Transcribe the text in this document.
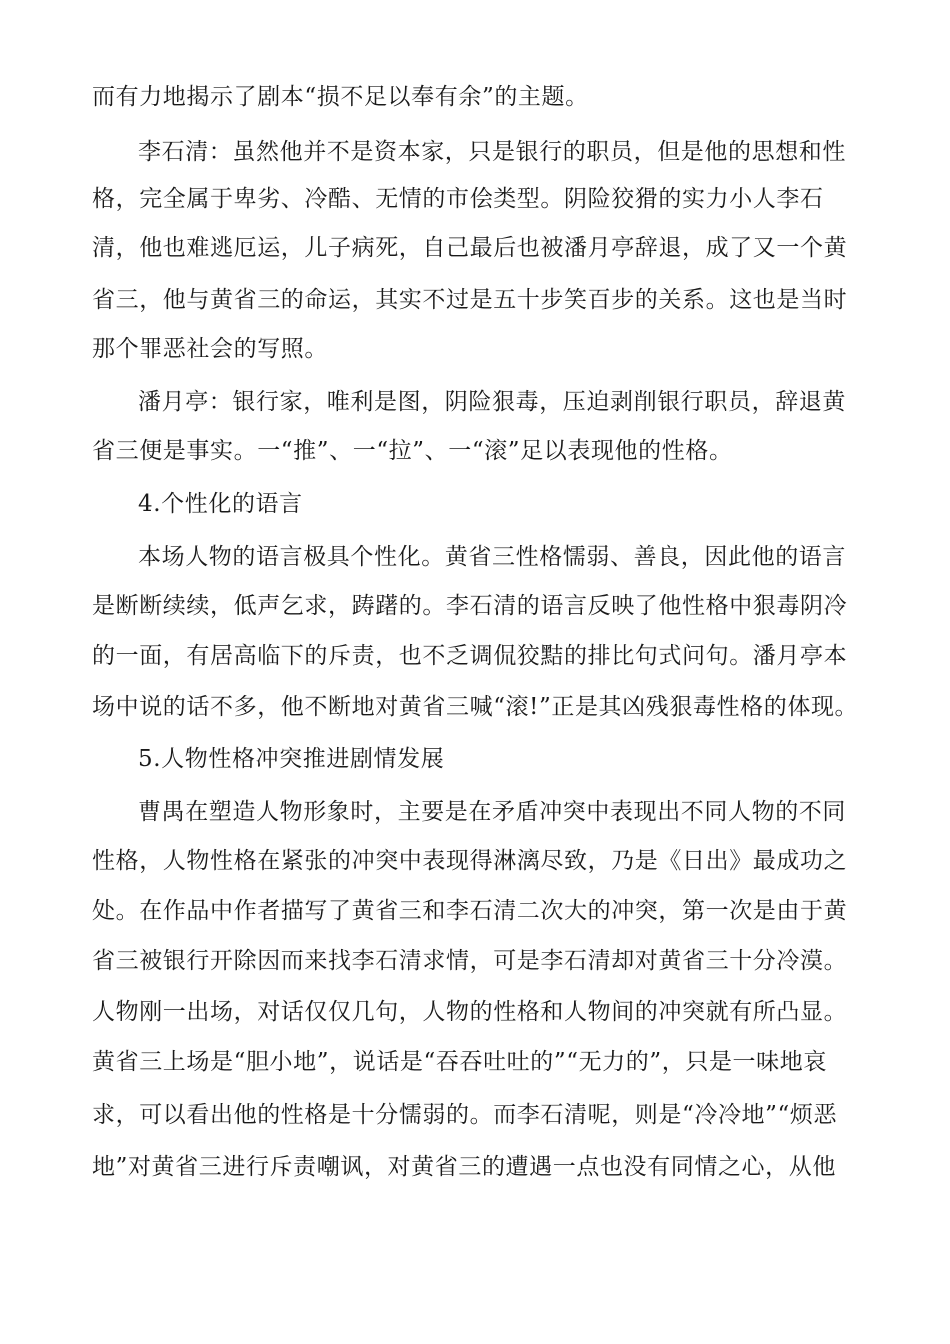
而有力地揭示了剧本“损不足以奉有余”的主题。
李石清：虽然他并不是资本家，只是银行的职员，但是他的思想和性
格，完全属于卑劣、冷酷、无情的市侩类型。阴险狡猾的实力小人李石
清，他也难逃厄运，儿子病死，自己最后也被潘月亭辞退，成了又一个黄
省三，他与黄省三的命运，其实不过是五十步笑百步的关系。这也是当时
那个罪恶社会的写照。
潘月亭：银行家，唯利是图，阴险狠毒，压迫剥削银行职员，辞退黄
省三便是事实。一“推”、一“拉”、一“滚”足以表现他的性格。
4.个性化的语言
本场人物的语言极具个性化。黄省三性格懦弱、善良，因此他的语言
是断断续续，低声乞求，踌躇的。李石清的语言反映了他性格中狠毒阴冷
的一面，有居高临下的斥责，也不乏调侃狡黠的排比句式问句。潘月亭本
场中说的话不多，他不断地对黄省三喊“滚!”正是其凶残狠毒性格的体现。
5.人物性格冲突推进剧情发展
曹禺在塑造人物形象时，主要是在矛盾冲突中表现出不同人物的不同
性格，人物性格在紧张的冲突中表现得淋漓尽致，乃是《日出》最成功之
处。在作品中作者描写了黄省三和李石清二次大的冲突，第一次是由于黄
省三被银行开除因而来找李石清求情，可是李石清却对黄省三十分冷漠。
人物刚一出场，对话仅仅几句，人物的性格和人物间的冲突就有所凸显。
黄省三上场是“胆小地”，说话是“吞吞吐吐的”“无力的”，只是一味地哀
求，可以看出他的性格是十分懦弱的。而李石清呢，则是“冷冷地”“烦恶
地”对黄省三进行斥责嘲讽，对黄省三的遭遇一点也没有同情之心，从他
